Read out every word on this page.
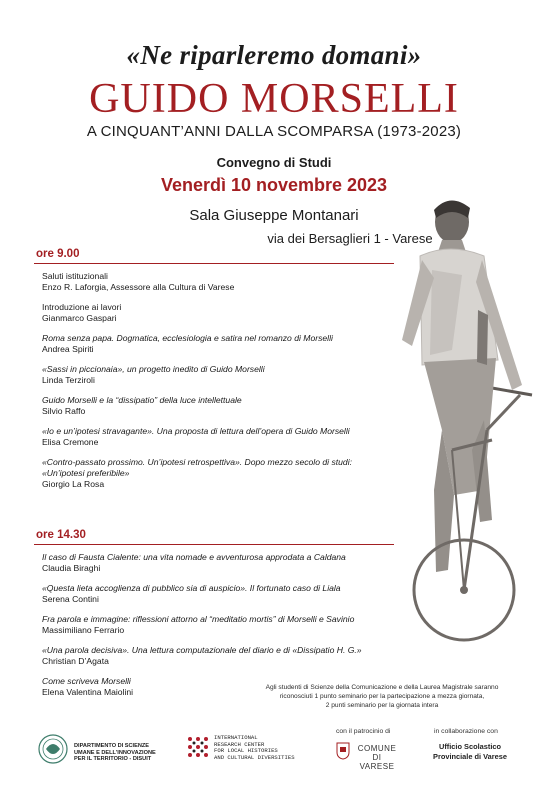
«Ne riparleremo domani»
GUIDO MORSELLI
A CINQUANT’ANNI DALLA SCOMPARSA (1973-2023)
Convegno di Studi
Venerdì 10 novembre 2023
Sala Giuseppe Montanari
via dei Bersaglieri 1 - Varese
ore 9.00
Saluti istituzionali
Enzo R. Laforgia, Assessore alla Cultura di Varese
Introduzione ai lavori
Gianmarco Gaspari
Roma senza papa. Dogmatica, ecclesiologia e satira nel romanzo di Morselli
Andrea Spiriti
«Sassi in piccionaia», un progetto inedito di Guido Morselli
Linda Terziroli
Guido Morselli e la “dissipatio” della luce intellettuale
Silvio Raffo
«Io e un’ipotesi stravagante». Una proposta di lettura dell’opera di Guido Morselli
Elisa Cremone
«Contro-passato prossimo. Un’ipotesi retrospettiva». Dopo mezzo secolo di studi:
«Un’ipotesi preferibile»
Giorgio La Rosa
ore 14.30
Il caso di Fausta Cialente: una vita nomade e avventurosa approdata a Caldana
Claudia Biraghi
«Questa lieta accoglienza di pubblico sia di auspicio». Il fortunato caso di Liala
Serena Contini
Fra parola e immagine: riflessioni attorno al “meditatio mortis” di Morselli e Savinio
Massimiliano Ferrario
«Una parola decisiva». Una lettura computazionale del diario e di «Dissipatio H. G.»
Christian D’Agata
Come scriveva Morselli
Elena Valentina Maiolini	Agli studenti di Scienze della Comunicazione e della Laurea Magistrale saranno
riconosciuti 1 punto seminario per la partecipazione a mezza giornata,
2 punti seminario per la giornata intera
DIPARTIMENTO DI SCIENZE
UMANE E DELL'INNOVAZIONE
PER IL TERRITORIO - DISUIT
INTERNATIONAL
RESEARCH CENTER
FOR LOCAL HISTORIES
AND CULTURAL DIVERSITIES
con il patrocinio di
COMUNE DI
VARESE
in collaborazione con
Ufficio Scolastico
Provinciale di Varese
